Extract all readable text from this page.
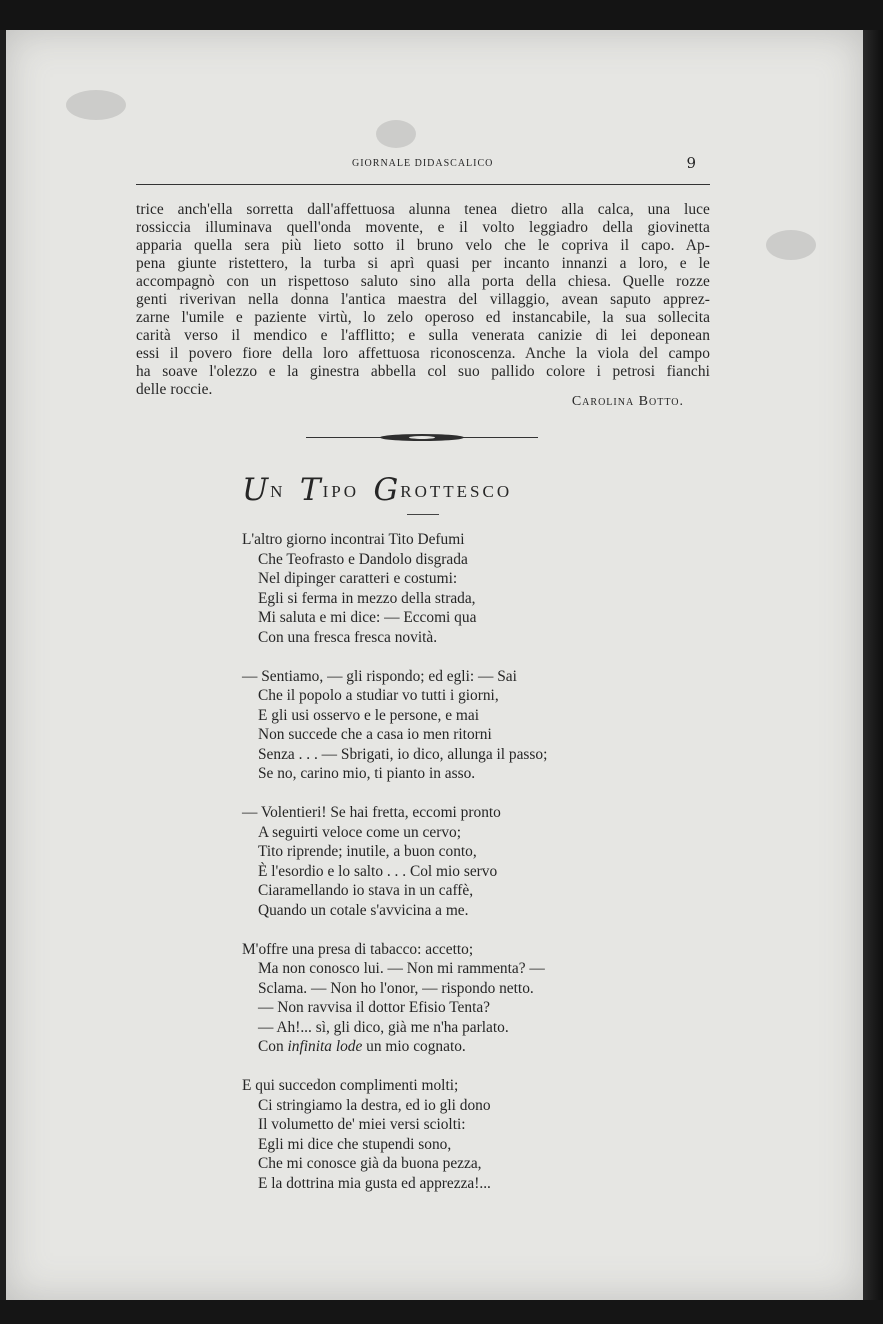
GIORNALE DIDASCALICO	9
trice anch'ella sorretta dall'affettuosa alunna tenea dietro alla calca, una luce
rossiccia illuminava quell'onda movente, e il volto leggiadro della giovinetta
apparia quella sera più lieto sotto il bruno velo che le copriva il capo. Ap-
pena giunte ristettero, la turba si aprì quasi per incanto innanzi a loro, e le
accompagnò con un rispettoso saluto sino alla porta della chiesa. Quelle rozze
genti riverivan nella donna l'antica maestra del villaggio, avean saputo apprez-
zarne l'umile e paziente virtù, lo zelo operoso ed instancabile, la sua sollecita
carità verso il mendico e l'afflitto; e sulla venerata canizie di lei deponean
essi il povero fiore della loro affettuosa riconoscenza. Anche la viola del campo
ha soave l'olezzo e la ginestra abbella col suo pallido colore i petrosi fianchi
delle roccie.
Carolina Botto.
U N T IPO G ROTTESCO
L'altro giorno incontrai Tito Defumi
Che Teofrasto e Dandolo disgrada
Nel dipinger caratteri e costumi:
Egli si ferma in mezzo della strada,
Mi saluta e mi dice: — Eccomi qua
Con una fresca fresca novità.
— Sentiamo, — gli rispondo; ed egli: — Sai
Che il popolo a studiar vo tutti i giorni,
E gli usi osservo e le persone, e mai
Non succede che a casa io men ritorni
Senza . . . — Sbrigati, io dico, allunga il passo;
Se no, carino mio, ti pianto in asso.
— Volentieri! Se hai fretta, eccomi pronto
A seguirti veloce come un cervo;
Tito riprende; inutile, a buon conto,
È l'esordio e lo salto . . . Col mio servo
Ciaramellando io stava in un caffè,
Quando un cotale s'avvicina a me.
M'offre una presa di tabacco: accetto;
Ma non conosco lui. — Non mi rammenta? —
Sclama. — Non ho l'onor, — rispondo netto.
— Non ravvisa il dottor Efisio Tenta?
— Ah!... sì, gli dico, già me n'ha parlato.
Con infinita lode un mio cognato.
E qui succedon complimenti molti;
Ci stringiamo la destra, ed io gli dono
Il volumetto de' miei versi sciolti:
Egli mi dice che stupendi sono,
Che mi conosce già da buona pezza,
E la dottrina mia gusta ed apprezza!...
